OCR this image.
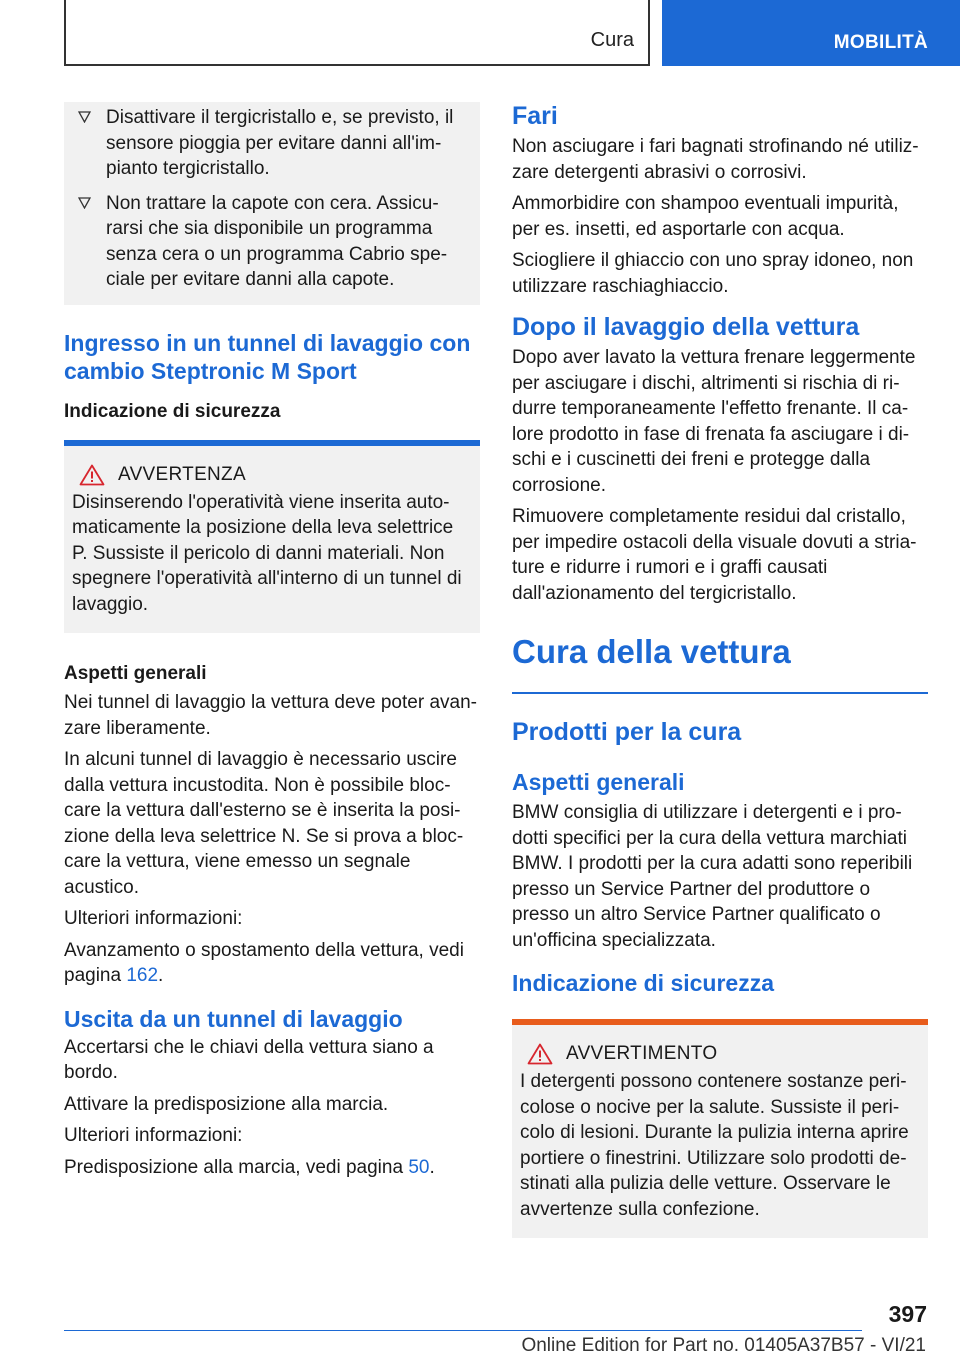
Cura	MOBILITÀ
Disattivare il tergicristallo e, se previsto, il sensore pioggia per evitare danni all'impianto tergicristallo.
Non trattare la capote con cera. Assicurarsi che sia disponibile un programma senza cera o un programma Cabrio speciale per evitare danni alla capote.
Ingresso in un tunnel di lavaggio con cambio Steptronic M Sport
Indicazione di sicurezza
AVVERTENZA

Disinserendo l'operatività viene inserita automaticamente la posizione della leva selettrice P. Sussiste il pericolo di danni materiali. Non spegnere l'operatività all'interno di un tunnel di lavaggio.

Aspetti generali

Nei tunnel di lavaggio la vettura deve poter avanzare liberamente.

In alcuni tunnel di lavaggio è necessario uscire dalla vettura incustodita. Non è possibile bloccare la vettura dall'esterno se è inserita la posizione della leva selettrice N. Se si prova a bloccare la vettura, viene emesso un segnale acustico.

Ulteriori informazioni:

Avanzamento o spostamento della vettura, vedi pagina 162.

Uscita da un tunnel di lavaggio

Accertarsi che le chiavi della vettura siano a bordo.

Attivare la predisposizione alla marcia.

Ulteriori informazioni:

Predisposizione alla marcia, vedi pagina 50.

Fari

Non asciugare i fari bagnati strofinando né utilizzare detergenti abrasivi o corrosivi.

Ammorbidire con shampoo eventuali impurità, per es. insetti, ed asportarle con acqua.

Sciogliere il ghiaccio con uno spray idoneo, non utilizzare raschiaghiaccio.

Dopo il lavaggio della vettura

Dopo aver lavato la vettura frenare leggermente per asciugare i dischi, altrimenti si rischia di ridurre temporaneamente l'effetto frenante. Il calore prodotto in fase di frenata fa asciugare i dischi e i cuscinetti dei freni e protegge dalla corrosione.

Rimuovere completamente residui dal cristallo, per impedire ostacoli della visuale dovuti a striature e ridurre i rumori e i graffi causati dall'azionamento del tergicristallo.

Cura della vettura
Prodotti per la cura
Aspetti generali

BMW consiglia di utilizzare i detergenti e i prodotti specifici per la cura della vettura marchiati BMW. I prodotti per la cura adatti sono reperibili presso un Service Partner del produttore o presso un altro Service Partner qualificato o un'officina specializzata.

Indicazione di sicurezza
AVVERTIMENTO

I detergenti possono contenere sostanze pericolose o nocive per la salute. Sussiste il pericolo di lesioni. Durante la pulizia interna aprire portiere o finestrini. Utilizzare solo prodotti destinati alla pulizia delle vetture. Osservare le avvertenze sulla confezione.

397
Online Edition for Part no. 01405A37B57 - VI/21
